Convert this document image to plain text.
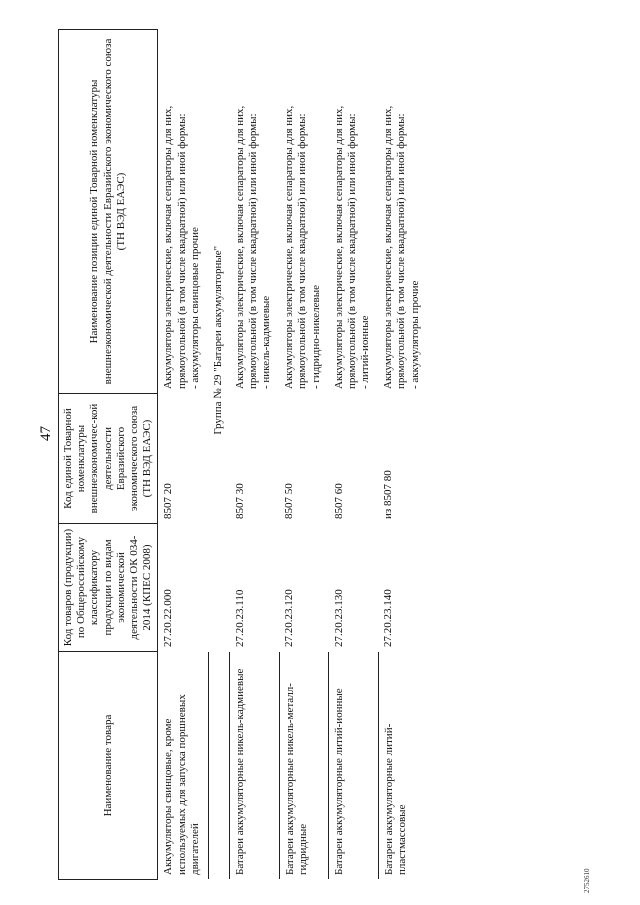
47
2752610
Наименование товара	Код товаров (продукции) по Общероссийскому классификатору продукции по видам экономической деятельности ОК 034-2014 (КПЕС 2008)	Код единой Товарной номенклатуры внешнеэкономичес-кой деятельности Евразийского экономического союза (ТН ВЭД ЕАЭС)	Наименование позиции единой Товарной номенклатуры внешнеэкономической деятельности Евразийского экономического союза (ТН ВЭД ЕАЭС)
Аккумуляторы свинцовые, кроме используемых для запуска поршневых двигателей	27.20.22.000	8507 20	Аккумуляторы электрические, включая сепараторы для них, прямоугольной (в том числе квадратной) или иной формы: - аккумуляторы свинцовые прочие

	Группа № 29 "Батареи аккумуляторные"		
Батареи аккумуляторные никель-кадмиевые	27.20.23.110	8507 30	Аккумуляторы электрические, включая сепараторы для них, прямоугольной (в том числе квадратной) или иной формы: - никель-кадмиевые

Батареи аккумуляторные никель-металл-гидридные	27.20.23.120	8507 50	Аккумуляторы электрические, включая сепараторы для них, прямоугольной (в том числе квадратной) или иной формы: - гидридно-никелевые

Батареи аккумуляторные литий-ионные	27.20.23.130	8507 60	Аккумуляторы электрические, включая сепараторы для них, прямоугольной (в том числе квадратной) или иной формы: - литий-ионные

Батареи аккумуляторные литий-пластмассовые	27.20.23.140	из 8507 80	Аккумуляторы электрические, включая сепараторы для них, прямоугольной (в том числе квадратной) или иной формы: - аккумуляторы прочие
